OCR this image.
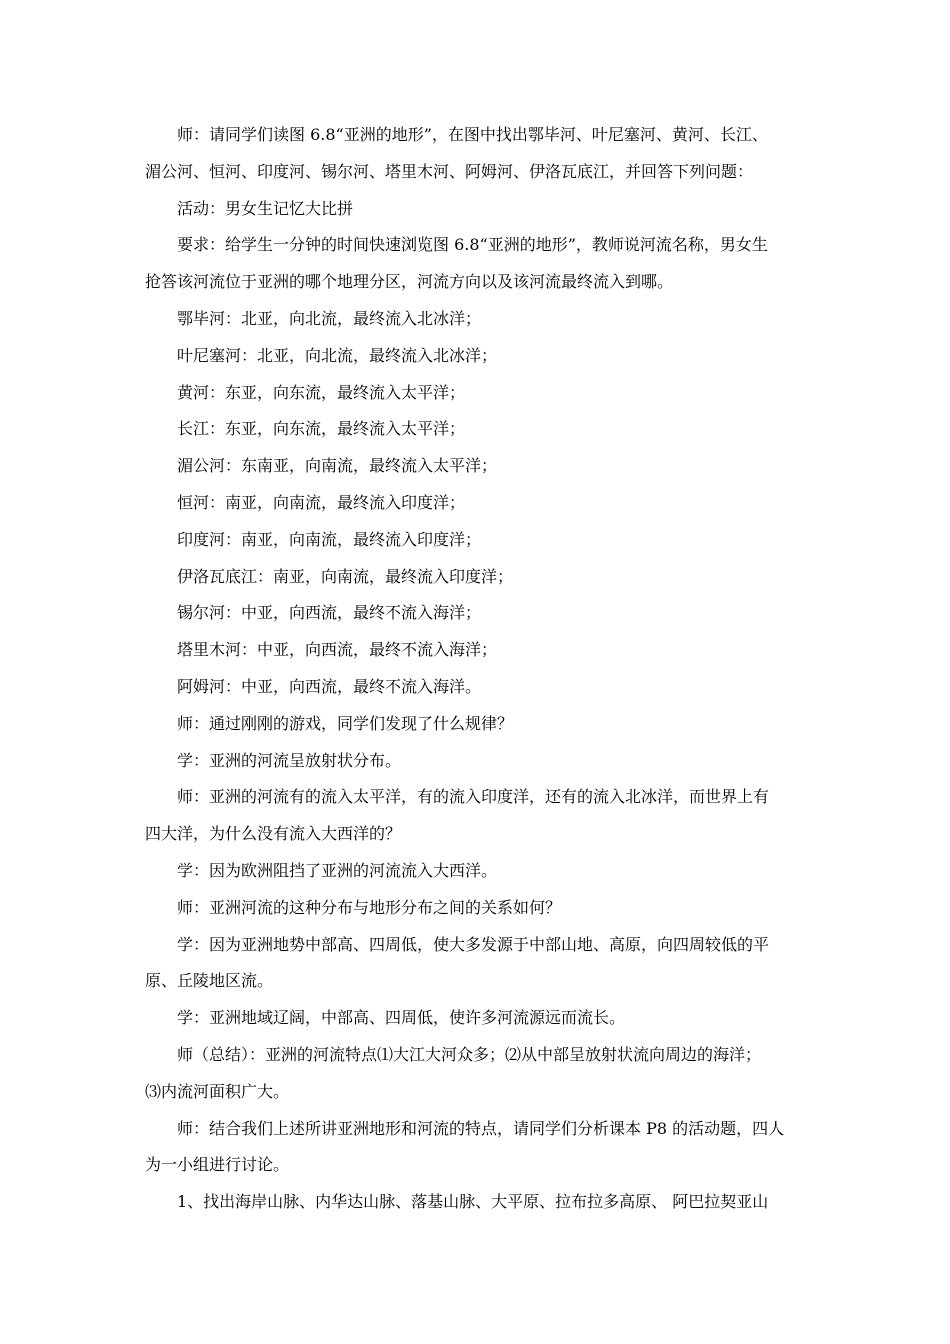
师：请同学们读图 6.8“亚洲的地形”，在图中找出鄂毕河、叶尼塞河、黄河、长江、
湄公河、恒河、印度河、锡尔河、塔里木河、阿姆河、伊洛瓦底江，并回答下列问题：
活动：男女生记忆大比拼
要求：给学生一分钟的时间快速浏览图 6.8“亚洲的地形”，教师说河流名称，男女生
抢答该河流位于亚洲的哪个地理分区，河流方向以及该河流最终流入到哪。
鄂毕河：北亚，向北流，最终流入北冰洋；
叶尼塞河：北亚，向北流，最终流入北冰洋；
黄河：东亚，向东流，最终流入太平洋；
长江：东亚，向东流，最终流入太平洋；
湄公河：东南亚，向南流，最终流入太平洋；
恒河：南亚，向南流，最终流入印度洋；
印度河：南亚，向南流，最终流入印度洋；
伊洛瓦底江：南亚，向南流，最终流入印度洋；
锡尔河：中亚，向西流，最终不流入海洋；
塔里木河：中亚，向西流，最终不流入海洋；
阿姆河：中亚，向西流，最终不流入海洋。
师：通过刚刚的游戏，同学们发现了什么规律？
学：亚洲的河流呈放射状分布。
师：亚洲的河流有的流入太平洋，有的流入印度洋，还有的流入北冰洋，而世界上有
四大洋，为什么没有流入大西洋的？
学：因为欧洲阻挡了亚洲的河流流入大西洋。
师：亚洲河流的这种分布与地形分布之间的关系如何？
学：因为亚洲地势中部高、四周低，使大多发源于中部山地、高原，向四周较低的平
原、丘陵地区流。
学：亚洲地域辽阔，中部高、四周低，使许多河流源远而流长。
师（总结）：亚洲的河流特点⑴大江大河众多；⑵从中部呈放射状流向周边的海洋；
⑶内流河面积广大。
师：结合我们上述所讲亚洲地形和河流的特点，请同学们分析课本 P8 的活动题，四人
为一小组进行讨论。
1、找出海岸山脉、内华达山脉、落基山脉、大平原、拉布拉多高原、 阿巴拉契亚山
